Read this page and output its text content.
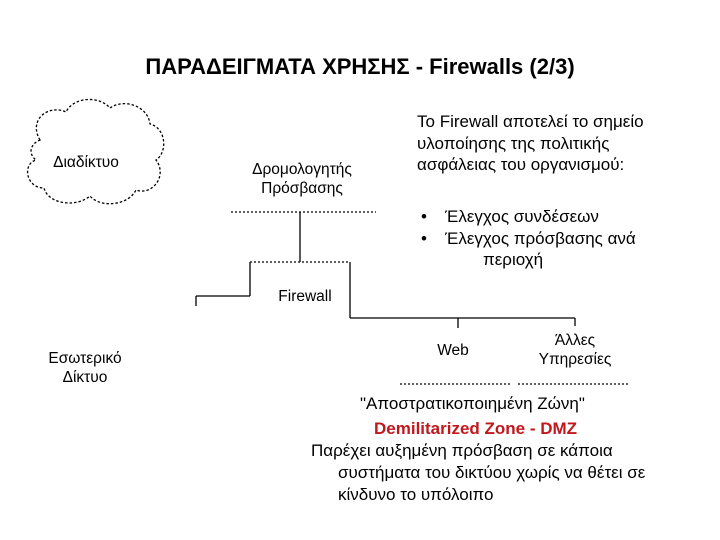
ΠΑΡΑΔΕΙΓΜΑΤΑ ΧΡΗΣΗΣ - Firewalls (2/3)
Διαδίκτυο	Δρομολογητής
Πρόσβασης
Firewall
Εσωτερικό
Δίκτυο
Web
Άλλες
Υπηρεσίες
Το Firewall αποτελεί το σημείο
υλοποίησης της πολιτικής
ασφάλειας του οργανισμού:
• Έλεγχος συνδέσεων
• Έλεγχος πρόσβασης ανά
περιοχή
"Αποστρατικοποιημένη Ζώνη"
Demilitarized Zone - DMZ
Παρέχει αυξημένη πρόσβαση σε κάποια
συστήματα του δικτύου χωρίς να θέτει σε
κίνδυνο το υπόλοιπο
